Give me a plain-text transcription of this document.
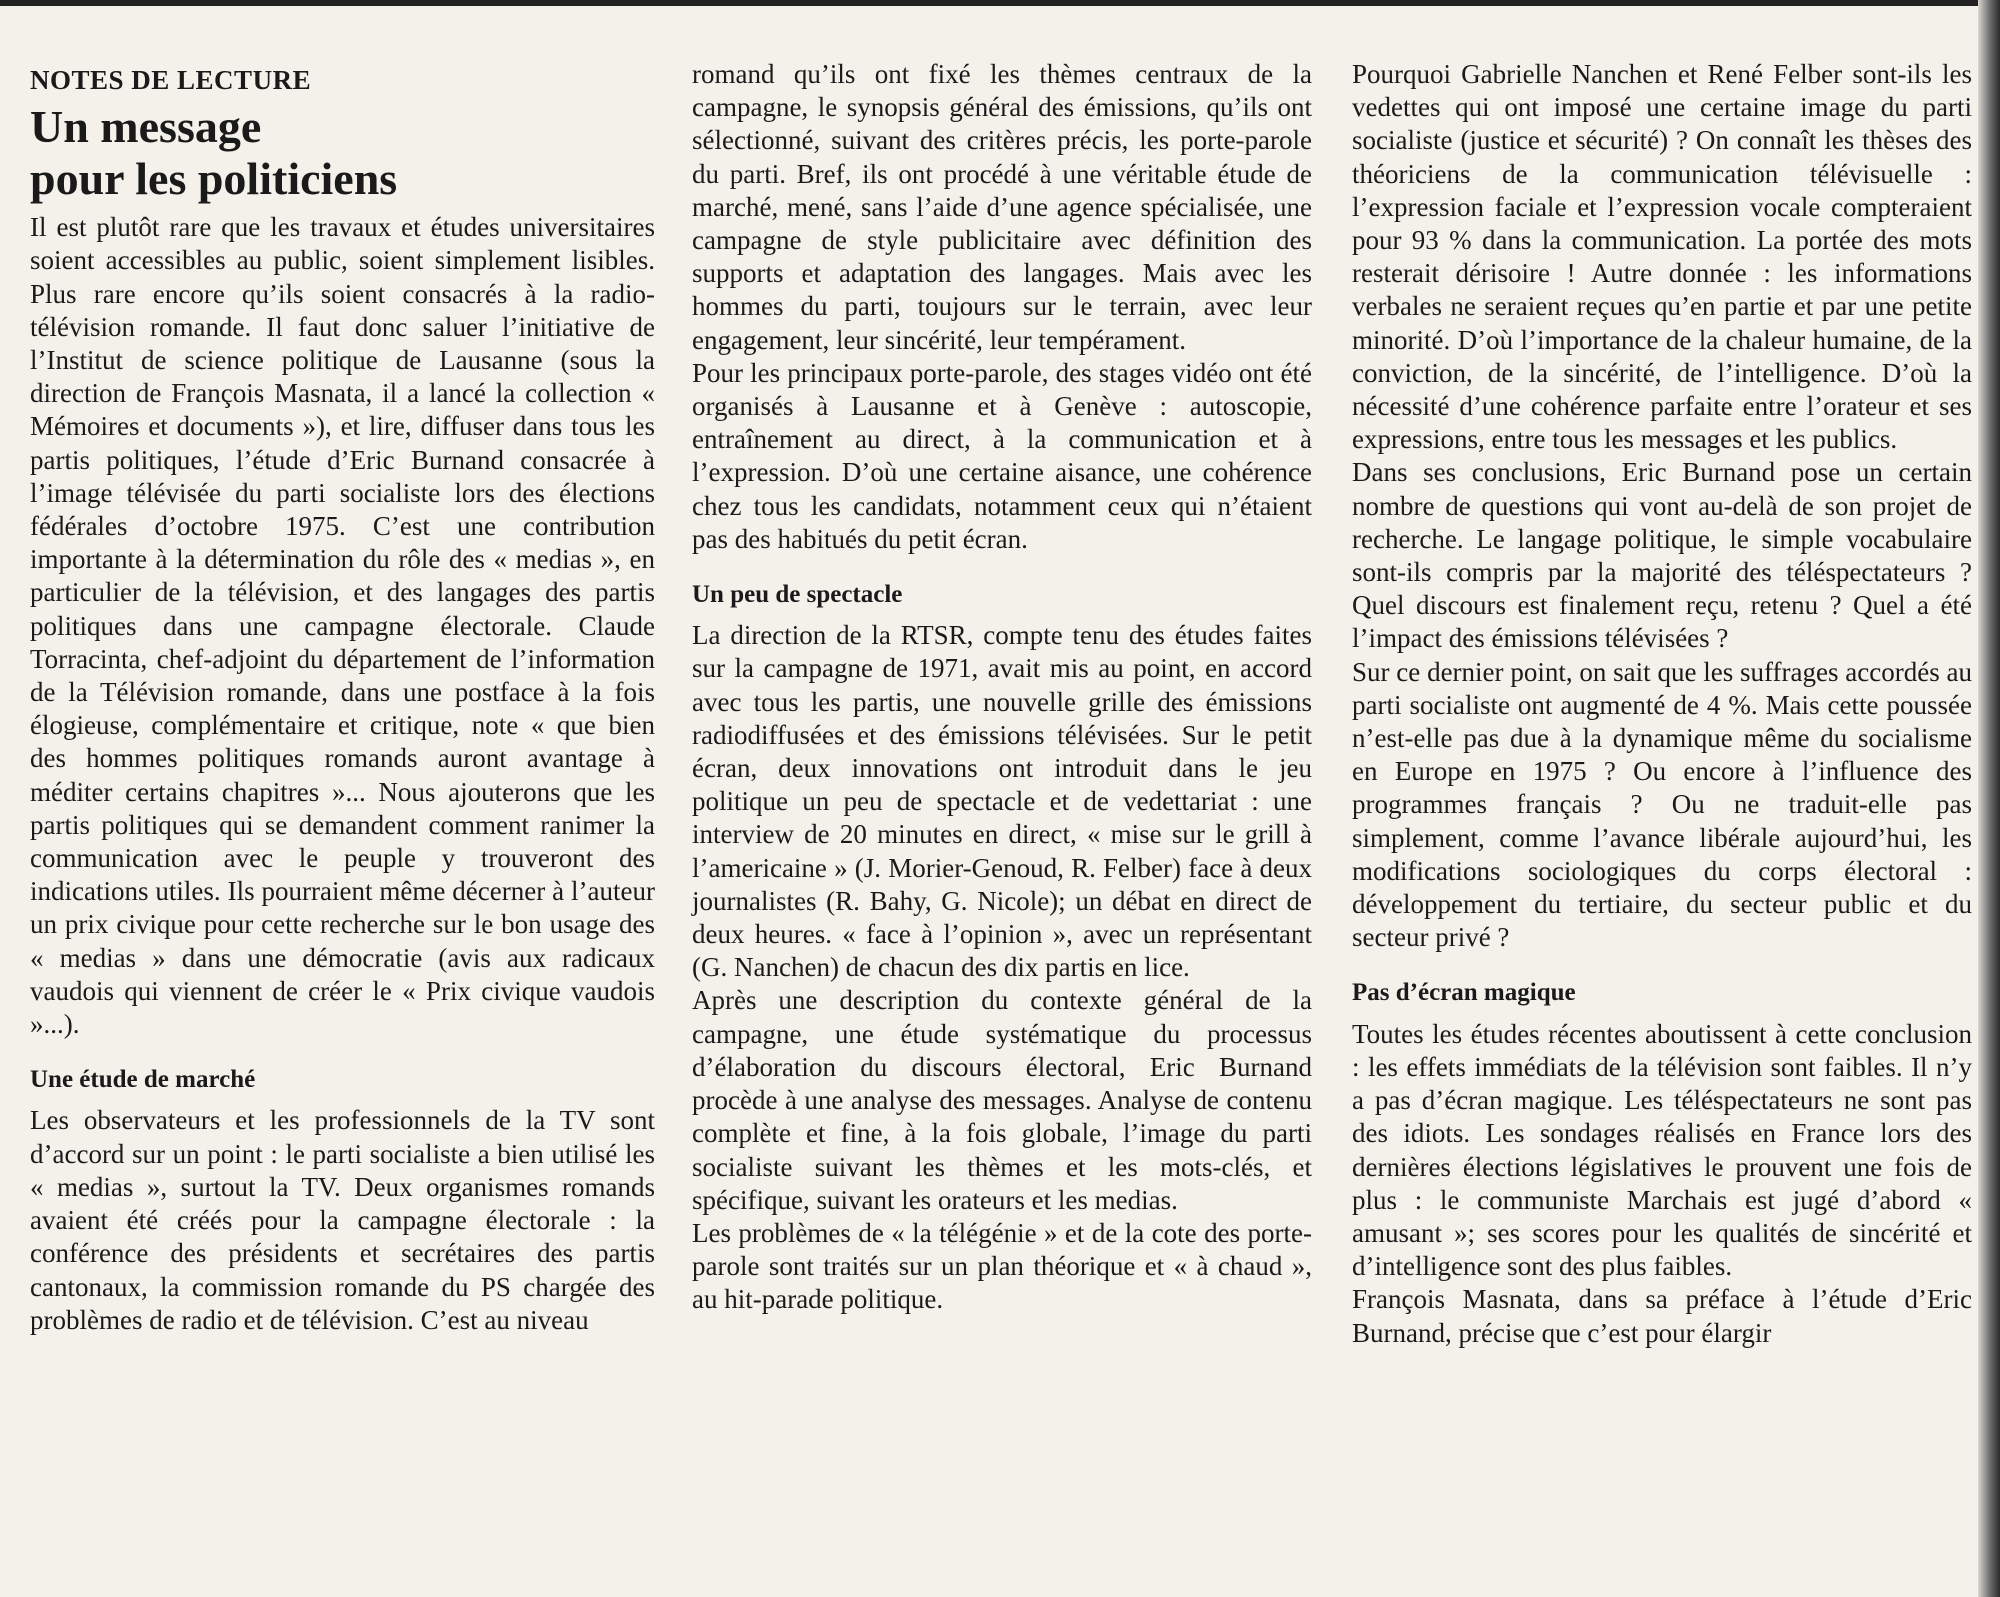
NOTES DE LECTURE
Un message
pour les politiciens

Il est plutôt rare que les travaux et études universitaires soient accessibles au public, soient simplement lisibles. Plus rare encore qu’ils soient consacrés à la radio-télévision romande. Il faut donc saluer l’initiative de l’Institut de science politique de Lausanne (sous la direction de François Masnata, il a lancé la collection « Mémoires et documents »), et lire, diffuser dans tous les partis politiques, l’étude d’Eric Burnand consacrée à l’image télévisée du parti socialiste lors des élections fédérales d’octobre 1975. C’est une contribution importante à la détermination du rôle des « medias », en particulier de la télévision, et des langages des partis politiques dans une campagne électorale. Claude Torracinta, chef-adjoint du département de l’information de la Télévision romande, dans une postface à la fois élogieuse, complémentaire et critique, note « que bien des hommes politiques romands auront avantage à méditer certains chapitres »... Nous ajouterons que les partis politiques qui se demandent comment ranimer la communication avec le peuple y trouveront des indications utiles. Ils pourraient même décerner à l’auteur un prix civique pour cette recherche sur le bon usage des « medias » dans une démocratie (avis aux radicaux vaudois qui viennent de créer le « Prix civique vaudois »...).

Une étude de marché

Les observateurs et les professionnels de la TV sont d’accord sur un point : le parti socialiste a bien utilisé les « medias », surtout la TV. Deux organismes romands avaient été créés pour la campagne électorale : la conférence des présidents et secrétaires des partis cantonaux, la commission romande du PS chargée des problèmes de radio et de télévision. C’est au niveau

romand qu’ils ont fixé les thèmes centraux de la campagne, le synopsis général des émissions, qu’ils ont sélectionné, suivant des critères précis, les porte-parole du parti. Bref, ils ont procédé à une véritable étude de marché, mené, sans l’aide d’une agence spécialisée, une campagne de style publicitaire avec définition des supports et adaptation des langages. Mais avec les hommes du parti, toujours sur le terrain, avec leur engagement, leur sincérité, leur tempérament.

Pour les principaux porte-parole, des stages vidéo ont été organisés à Lausanne et à Genève : autoscopie, entraînement au direct, à la communication et à l’expression. D’où une certaine aisance, une cohérence chez tous les candidats, notamment ceux qui n’étaient pas des habitués du petit écran.

Un peu de spectacle

La direction de la RTSR, compte tenu des études faites sur la campagne de 1971, avait mis au point, en accord avec tous les partis, une nouvelle grille des émissions radiodiffusées et des émissions télévisées. Sur le petit écran, deux innovations ont introduit dans le jeu politique un peu de spectacle et de vedettariat : une interview de 20 minutes en direct, « mise sur le grill à l’americaine » (J. Morier-Genoud, R. Felber) face à deux journalistes (R. Bahy, G. Nicole); un débat en direct de deux heures. « face à l’opinion », avec un représentant (G. Nanchen) de chacun des dix partis en lice.

Après une description du contexte général de la campagne, une étude systématique du processus d’élaboration du discours électoral, Eric Burnand procède à une analyse des messages. Analyse de contenu complète et fine, à la fois globale, l’image du parti socialiste suivant les thèmes et les mots-clés, et spécifique, suivant les orateurs et les medias.

Les problèmes de « la télégénie » et de la cote des porte-parole sont traités sur un plan théorique et « à chaud », au hit-parade politique.

Pourquoi Gabrielle Nanchen et René Felber sont-ils les vedettes qui ont imposé une certaine image du parti socialiste (justice et sécurité) ? On connaît les thèses des théoriciens de la communication télévisuelle : l’expression faciale et l’expression vocale compteraient pour 93 % dans la communication. La portée des mots resterait dérisoire ! Autre donnée : les informations verbales ne seraient reçues qu’en partie et par une petite minorité. D’où l’importance de la chaleur humaine, de la conviction, de la sincérité, de l’intelligence. D’où la nécessité d’une cohérence parfaite entre l’orateur et ses expressions, entre tous les messages et les publics.

Dans ses conclusions, Eric Burnand pose un certain nombre de questions qui vont au-delà de son projet de recherche. Le langage politique, le simple vocabulaire sont-ils compris par la majorité des téléspectateurs ? Quel discours est finalement reçu, retenu ? Quel a été l’impact des émissions télévisées ?

Sur ce dernier point, on sait que les suffrages accordés au parti socialiste ont augmenté de 4 %. Mais cette poussée n’est-elle pas due à la dynamique même du socialisme en Europe en 1975 ? Ou encore à l’influence des programmes français ? Ou ne traduit-elle pas simplement, comme l’avance libérale aujourd’hui, les modifications sociologiques du corps électoral : développement du tertiaire, du secteur public et du secteur privé ?

Pas d’écran magique

Toutes les études récentes aboutissent à cette conclusion : les effets immédiats de la télévision sont faibles. Il n’y a pas d’écran magique. Les téléspectateurs ne sont pas des idiots. Les sondages réalisés en France lors des dernières élections législatives le prouvent une fois de plus : le communiste Marchais est jugé d’abord « amusant »; ses scores pour les qualités de sincérité et d’intelligence sont des plus faibles.

François Masnata, dans sa préface à l’étude d’Eric Burnand, précise que c’est pour élargir
